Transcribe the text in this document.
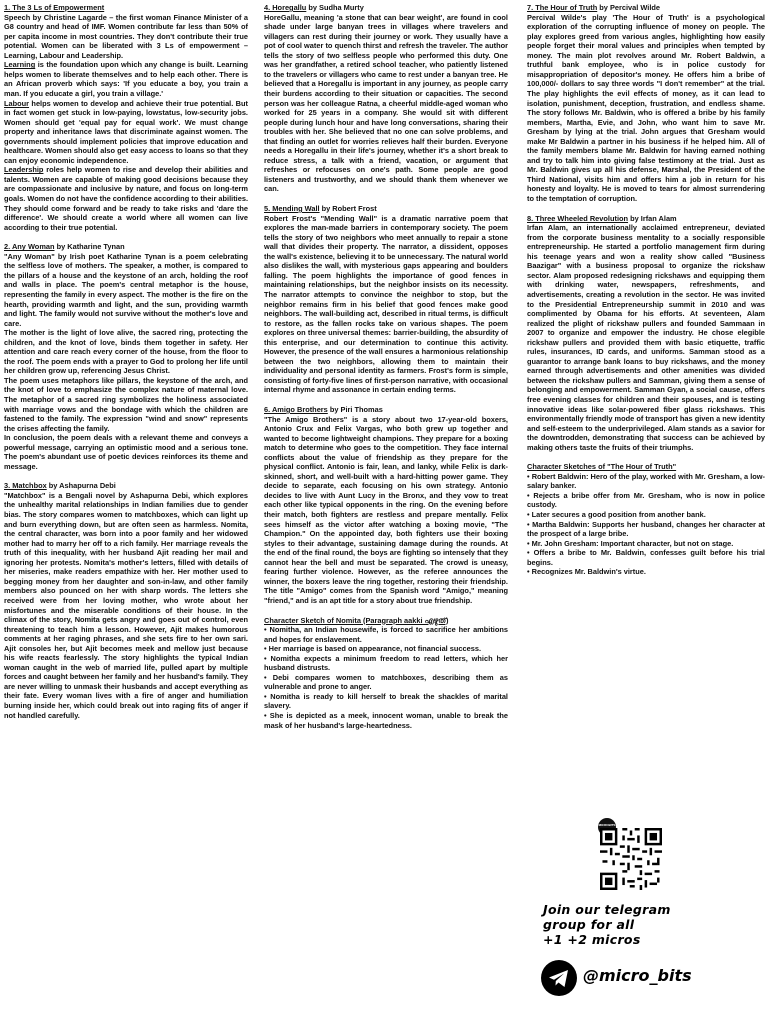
1. The 3 Ls of Empowerment

Speech by Christine Lagarde – the first woman Finance Minister of a G8 country and head of IMF. Women contribute far less than 50% of per capita income in most countries. They don't contribute their true potential. Women can be liberated with 3 Ls of empowerment – Learning, Labour and Leadership.

Learning is the foundation upon which any change is built. Learning helps women to liberate themselves and to help each other. There is an African proverb which says: 'If you educate a boy, you train a man. If you educate a girl, you train a village.'

Labour helps women to develop and achieve their true potential. But in fact women get stuck in low-paying, lowstatus, low-security jobs. Women should get 'equal pay for equal work'. We must change property and inheritance laws that discriminate against women. The governments should implement policies that improve education and healthcare. Women should also get easy access to loans so that they can enjoy economic independence.

Leadership roles help women to rise and develop their abilities and talents. Women are capable of making good decisions because they are compassionate and inclusive by nature, and focus on long-term goals. Women do not have the confidence according to their abilities. They should come forward and be ready to take risks and 'dare the difference'. We should create a world where all women can live according to their true potential.

2. Any Woman by Katharine Tynan

"Any Woman" by Irish poet Katharine Tynan is a poem celebrating the selfless love of mothers. The speaker, a mother, is compared to the pillars of a house and the keystone of an arch, holding the roof and walls in place. The poem's central metaphor is the house, representing the family in every aspect. The mother is the fire on the hearth, providing warmth and light, and the sun, providing warmth and light. The family would not survive without the mother's love and care.

The mother is the light of love alive, the sacred ring, protecting the children, and the knot of love, binds them together in safety. Her attention and care reach every corner of the house, from the floor to the roof. The poem ends with a prayer to God to prolong her life until her children grow up, referencing Jesus Christ.

The poem uses metaphors like pillars, the keystone of the arch, and the knot of love to emphasize the complex nature of maternal love. The metaphor of a sacred ring symbolizes the holiness associated with marriage vows and the bondage with which the children are fastened to the family. The expression "wind and snow" represents the crises affecting the family.

In conclusion, the poem deals with a relevant theme and conveys a powerful message, carrying an optimistic mood and a serious tone. The poem's abundant use of poetic devices reinforces its theme and message.

3. Matchbox by Ashapurna Debi

"Matchbox" is a Bengali novel by Ashapurna Debi, which explores the unhealthy marital relationships in Indian families due to gender bias. The story compares women to matchboxes, which can light up and burn everything down, but are often seen as harmless. Nomita, the central character, was born into a poor family and her widowed mother had to marry her off to a rich family. Her marriage reveals the truth of this inequality, with her husband Ajit reading her mail and ignoring her protests. Nomita's mother's letters, filled with details of her miseries, make readers empathize with her. Her mother used to begging money from her daughter and son-in-law, and other family members also pounced on her with sharp words. The letters she received were from her loving mother, who wrote about her misfortunes and the miserable conditions of their house. In the climax of the story, Nomita gets angry and goes out of control, even threatening to teach him a lesson. However, Ajit makes humorous comments at her raging phrases, and she sets fire to her own sari. Ajit consoles her, but Ajit becomes meek and mellow just because his wife reacts fearlessly. The story highlights the typical Indian woman caught in the web of married life, pulled apart by multiple forces and caught between her family and her husband's family. They are never willing to unmask their husbands and accept everything as their fate. Every woman lives with a fire of anger and humiliation burning inside her, which could break out into raging fits of anger if not handled carefully.

4. Horegallu by Sudha Murty

HoreGallu, meaning 'a stone that can bear weight', are found in cool shade under large banyan trees in villages where travelers and villagers can rest during their journey or work. They usually have a pot of cool water to quench thirst and refresh the traveler. The author tells the story of two selfless people who performed this duty. One was her grandfather, a retired school teacher, who patiently listened to the travelers or villagers who came to rest under a banyan tree. He believed that a Horegallu is important in any journey, as people carry their burdens according to their situation or capacities. The second person was her colleague Ratna, a cheerful middle-aged woman who worked for 25 years in a company. She would sit with different people during lunch hour and have long conversations, sharing their troubles with her. She believed that no one can solve problems, and that finding an outlet for worries relieves half their burden. Everyone needs a Horegallu in their life's journey, whether it's a short break to reduce stress, a talk with a friend, vacation, or argument that refreshes or refocuses on one's path. Some people are good listeners and trustworthy, and we should thank them whenever we can.

5. Mending Wall by Robert Frost

Robert Frost's "Mending Wall" is a dramatic narrative poem that explores the man-made barriers in contemporary society. The poem tells the story of two neighbors who meet annually to repair a stone wall that divides their property. The narrator, a dissident, opposes the wall's existence, believing it to be unnecessary. The natural world also dislikes the wall, with mysterious gaps appearing and boulders falling. The poem highlights the importance of good fences in maintaining relationships, but the neighbor insists on its necessity. The narrator attempts to convince the neighbor to stop, but the neighbor remains firm in his belief that good fences make good neighbors. The wall-building act, described in ritual terms, is difficult to restore, as the fallen rocks take on various shapes. The poem explores on three universal themes: barrier-building, the absurdity of this enterprise, and our determination to continue this activity. However, the presence of the wall ensures a harmonious relationship between the two neighbors, allowing them to maintain their individuality and personal identity as farmers. Frost's form is simple, consisting of forty-five lines of first-person narrative, with occasional internal rhyme and assonance in certain ending terms.

6. Amigo Brothers by Piri Thomas

"The Amigo Brothers" is a story about two 17-year-old boxers, Antonio Crux and Felix Vargas, who both grew up together and wanted to become lightweight champions. They prepare for a boxing match to determine who goes to the competition. They face internal conflicts about the value of friendship as they prepare for the physical conflict. Antonio is fair, lean, and lanky, while Felix is dark-skinned, short, and well-built with a hard-hitting power game. They decide to separate, each focusing on his own strategy. Antonio decides to live with Aunt Lucy in the Bronx, and they vow to treat each other like typical opponents in the ring. On the evening before their match, both fighters are restless and prepare mentally. Felix sees himself as the victor after watching a boxing movie, "The Champion." On the appointed day, both fighters use their boxing styles to their advantage, sustaining damage during the rounds. At the end of the final round, the boys are fighting so intensely that they cannot hear the bell and must be separated. The crowd is uneasy, fearing further violence. However, as the referee announces the winner, the boxers leave the ring together, restoring their friendship. The title "Amigo" comes from the Spanish word "Amigo," meaning "friend," and is an apt title for a story about true friendship.

Character Sketch of Nomita (Paragraph aakki എഴുത്)
• Nomitha, an Indian housewife, is forced to sacrifice her ambitions and hopes for enslavement.
• Her marriage is based on appearance, not financial success.
• Nomitha expects a minimum freedom to read letters, which her husband distrusts.
• Debi compares women to matchboxes, describing them as vulnerable and prone to anger.
• Nomitha is ready to kill herself to break the shackles of marital slavery.
• She is depicted as a meek, innocent woman, unable to break the mask of her husband's large-heartedness.
7. The Hour of Truth by Percival Wilde

Percival Wilde's play 'The Hour of Truth' is a psychological exploration of the corrupting influence of money on people. The play explores greed from various angles, highlighting how easily people forget their moral values and principles when tempted by money. The main plot revolves around Mr. Robert Baldwin, a truthful bank employee, who is in police custody for misappropriation of depositor's money. He offers him a bribe of 100,000/- dollars to say three words "I don't remember" at the trial. The play highlights the evil effects of money, as it can lead to isolation, punishment, deception, frustration, and endless shame. The story follows Mr. Baldwin, who is offered a bribe by his family members, Martha, Evie, and John, who want him to save Mr. Gresham by lying at the trial. John argues that Gresham would make Mr Baldwin a partner in his business if he helped him. All of the family members blame Mr. Baldwin for having earned nothing and try to talk him into giving false testimony at the trial. Just as Mr. Baldwin gives up all his defense, Marshal, the President of the Third National, visits him and offers him a job in return for his honesty and loyalty. He is moved to tears for almost surrendering to the temptation of corruption.

8. Three Wheeled Revolution by Irfan Alam

Irfan Alam, an internationally acclaimed entrepreneur, deviated from the corporate business mentality to a socially responsible entrepreneurship. He started a portfolio management firm during his teenage years and won a reality show called "Business Baazigar" with a business proposal to organize the rickshaw sector. Alam proposed redesigning rickshaws and equipping them with drinking water, newspapers, refreshments, and advertisements, creating a revolution in the sector. He was invited to the Presidential Entrepreneurship summit in 2010 and was complimented by Obama for his efforts. At seventeen, Alam realized the plight of rickshaw pullers and founded Sammaan in 2007 to organize and empower the industry. He chose elegible rickshaw pullers and provided them with basic etiquette, traffic rules, insurances, ID cards, and uniforms. Samman stood as a guarantor to arrange bank loans to buy rickshaws, and the money earned through advertisements and other amenities was divided between the rickshaw pullers and Samman, giving them a sense of belonging and empowerment. Samman Gyan, a social cause, offers free evening classes for children and their spouses, and is testing innovative ideas like solar-powered fiber glass rickshaws. This environmentally friendly mode of transport has given a new identity and self-esteem to the underprivileged. Alam stands as a savior for the downtrodden, demonstrating that success can be achieved by making others taste the fruits of their triumphs.

Character Sketches of "The Hour of Truth"
• Robert Baldwin: Hero of the play, worked with Mr. Gresham, a low-salary banker.
• Rejects a bribe offer from Mr. Gresham, who is now in police custody.
• Later secures a good position from another bank.
• Martha Baldwin: Supports her husband, changes her character at the prospect of a large bribe.
• Mr. John Gresham: Important character, but not on stage.
• Offers a bribe to Mr. Baldwin, confesses guilt before his trial begins.
• Recognizes Mr. Baldwin's virtue.
MICROBITS
Join our telegram
group for all
+1 +2 micros
@micro_bits
